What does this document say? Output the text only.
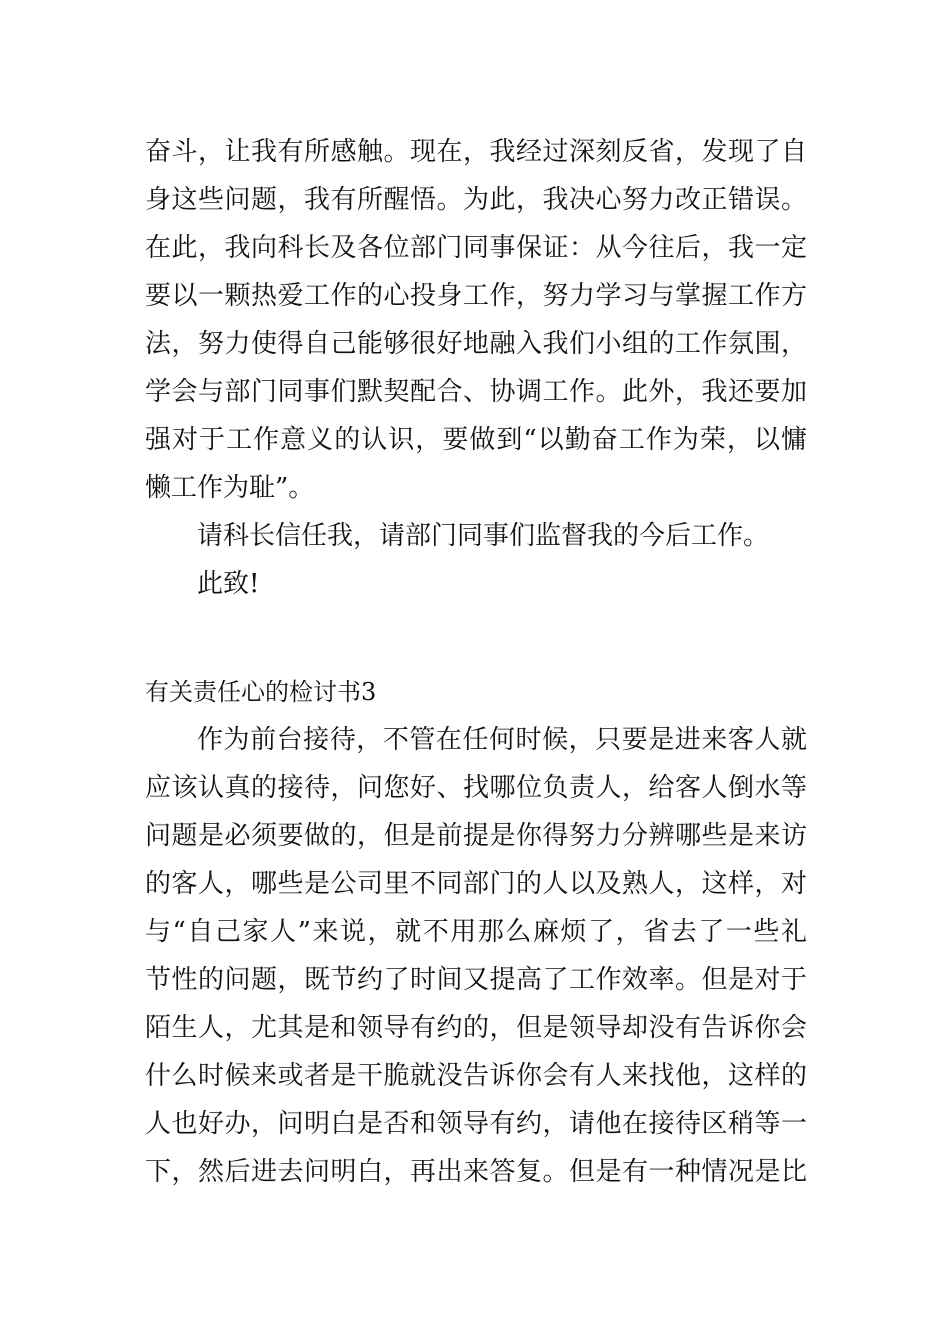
奋斗，让我有所感触。现在，我经过深刻反省，发现了自
身这些问题，我有所醒悟。为此，我决心努力改正错误。
在此，我向科长及各位部门同事保证：从今往后，我一定
要以一颗热爱工作的心投身工作，努力学习与掌握工作方
法，努力使得自己能够很好地融入我们小组的工作氛围，
学会与部门同事们默契配合、协调工作。此外，我还要加
强对于工作意义的认识，要做到“以勤奋工作为荣，以慵
懒工作为耻”。
请科长信任我，请部门同事们监督我的今后工作。
此致!
有关责任心的检讨书3
作为前台接待，不管在任何时候，只要是进来客人就
应该认真的接待，问您好、找哪位负责人，给客人倒水等
问题是必须要做的，但是前提是你得努力分辨哪些是来访
的客人，哪些是公司里不同部门的人以及熟人，这样，对
与“自己家人”来说，就不用那么麻烦了，省去了一些礼
节性的问题，既节约了时间又提高了工作效率。但是对于
陌生人，尤其是和领导有约的，但是领导却没有告诉你会
什么时候来或者是干脆就没告诉你会有人来找他，这样的
人也好办，问明白是否和领导有约，请他在接待区稍等一
下，然后进去问明白，再出来答复。但是有一种情况是比
